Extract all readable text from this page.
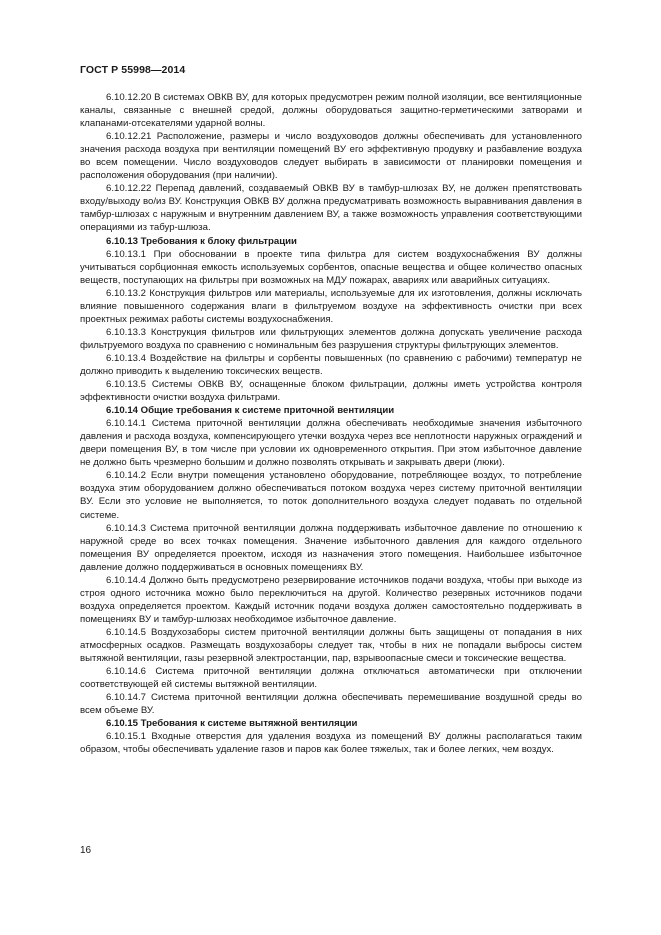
ГОСТ Р 55998—2014

6.10.12.20 В системах ОВКВ ВУ, для которых предусмотрен режим полной изоляции, все вентиляционные каналы, связанные с внешней средой, должны оборудоваться защитно-герметическими затворами и клапанами-отсекателями ударной волны.

6.10.12.21 Расположение, размеры и число воздуховодов должны обеспечивать для установленного значения расхода воздуха при вентиляции помещений ВУ его эффективную продувку и разбавление воздуха во всем помещении. Число воздуховодов следует выбирать в зависимости от планировки помещения и расположения оборудования (при наличии).

6.10.12.22 Перепад давлений, создаваемый ОВКВ ВУ в тамбур-шлюзах ВУ, не должен препятствовать входу/выходу во/из ВУ. Конструкция ОВКВ ВУ должна предусматривать возможность выравнивания давления в тамбур-шлюзах с наружным и внутренним давлением ВУ, а также возможность управления соответствующими операциями из табур-шлюза.

6.10.13 Требования к блоку фильтрации

6.10.13.1 При обосновании в проекте типа фильтра для систем воздухоснабжения ВУ должны учитываться сорбционная емкость используемых сорбентов, опасные вещества и общее количество опасных веществ, поступающих на фильтры при возможных на МДУ пожарах, авариях или аварийных ситуациях.

6.10.13.2 Конструкция фильтров или материалы, используемые для их изготовления, должны исключать влияние повышенного содержания влаги в фильтруемом воздухе на эффективность очистки при всех проектных режимах работы системы воздухоснабжения.

6.10.13.3 Конструкция фильтров или фильтрующих элементов должна допускать увеличение расхода фильтруемого воздуха по сравнению с номинальным без разрушения структуры фильтрующих элементов.

6.10.13.4 Воздействие на фильтры и сорбенты повышенных (по сравнению с рабочими) температур не должно приводить к выделению токсических веществ.

6.10.13.5 Системы ОВКВ ВУ, оснащенные блоком фильтрации, должны иметь устройства контроля эффективности очистки воздуха фильтрами.

6.10.14 Общие требования к системе приточной вентиляции

6.10.14.1 Система приточной вентиляции должна обеспечивать необходимые значения избыточного давления и расхода воздуха, компенсирующего утечки воздуха через все неплотности наружных ограждений и двери помещения ВУ, в том числе при условии их одновременного открытия. При этом избыточное давление не должно быть чрезмерно большим и должно позволять открывать и закрывать двери (люки).

6.10.14.2 Если внутри помещения установлено оборудование, потребляющее воздух, то потребление воздуха этим оборудованием должно обеспечиваться потоком воздуха через систему приточной вентиляции ВУ. Если это условие не выполняется, то поток дополнительного воздуха следует подавать по отдельной системе.

6.10.14.3 Система приточной вентиляции должна поддерживать избыточное давление по отношению к наружной среде во всех точках помещения. Значение избыточного давления для каждого отдельного помещения ВУ определяется проектом, исходя из назначения этого помещения. Наибольшее избыточное давление должно поддерживаться в основных помещениях ВУ.

6.10.14.4 Должно быть предусмотрено резервирование источников подачи воздуха, чтобы при выходе из строя одного источника можно было переключиться на другой. Количество резервных источников подачи воздуха определяется проектом. Каждый источник подачи воздуха должен самостоятельно поддерживать в помещениях ВУ и тамбур-шлюзах необходимое избыточное давление.

6.10.14.5 Воздухозаборы систем приточной вентиляции должны быть защищены от попадания в них атмосферных осадков. Размещать воздухозаборы следует так, чтобы в них не попадали выбросы систем вытяжной вентиляции, газы резервной электростанции, пар, взрывоопасные смеси и токсические вещества.

6.10.14.6 Система приточной вентиляции должна отключаться автоматически при отключении соответствующей ей системы вытяжной вентиляции.

6.10.14.7 Система приточной вентиляции должна обеспечивать перемешивание воздушной среды во всем объеме ВУ.

6.10.15 Требования к системе вытяжной вентиляции

6.10.15.1 Входные отверстия для удаления воздуха из помещений ВУ должны располагаться таким образом, чтобы обеспечивать удаление газов и паров как более тяжелых, так и более легких, чем воздух.

16
